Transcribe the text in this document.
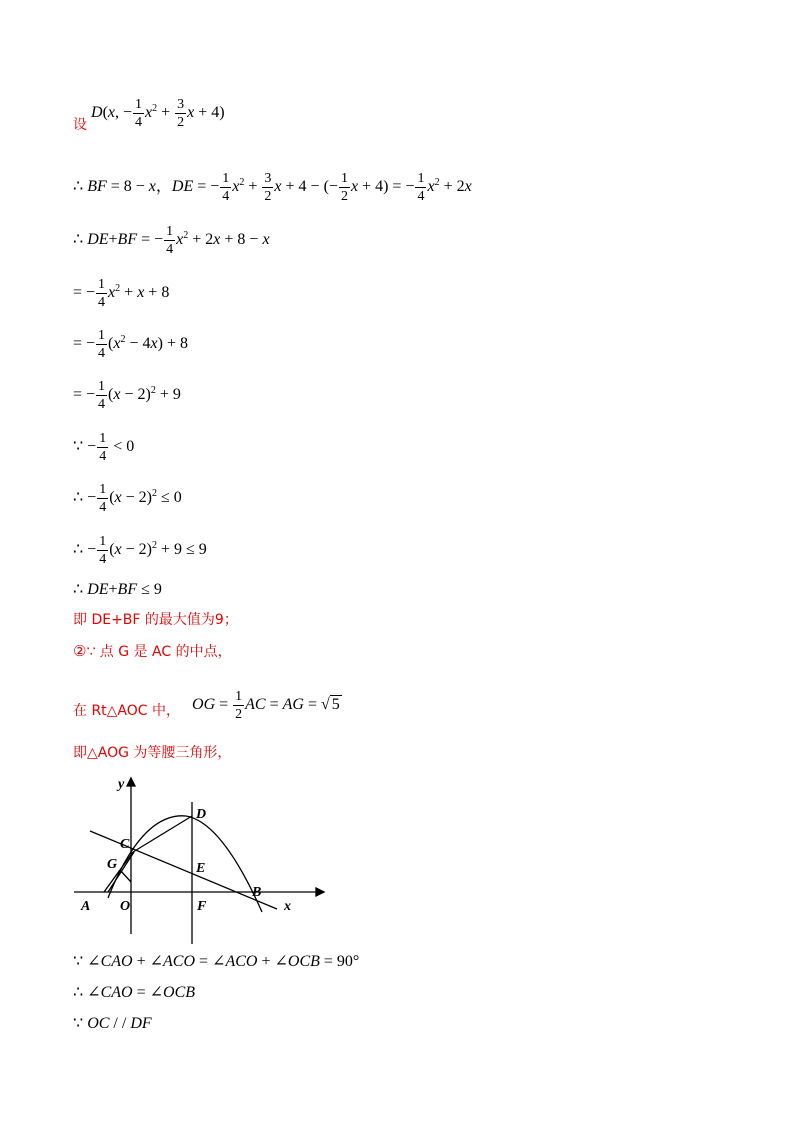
设 D(x, − $\frac{1}{4} x^2 + \frac{3}{2}$ x + 4)
∴ BF = 8 − x，DE = − $\frac{1}{4} x^2 + \frac{3}{2}$ x + 4 − (− $\frac{1}{2}$ x + 4) = − $\frac{1}{4} x^2 + 2x$
∴ DE+BF = − $\frac{1}{4} x^2 + 2x + 8 - x$
= − $\frac{1}{4} x^2 + x + 8$
= − $\frac{1}{4} (x^2 - 4x) + 8$
= − $\frac{1}{4} (x - 2)^2 + 9$
∵ − $\frac{1}{4} < 0$
∴ − $\frac{1}{4} (x - 2)^2 \le 0$
∴ − $\frac{1}{4} (x - 2)^2 + 9 \le 9$
∴ DE+BF ≤ 9
即 DE+BF 的最大值为9；
②∵ 点 G 是 AC 的中点，
在 Rt△AOC 中， OG = $\frac{1}{2}$ AC = AG = √ 5
即△AOG 为等腰三角形，
y
x
A O	F
B
C
G
D
E
∵ ∠CAO + ∠ACO = ∠ACO + ∠OCB = 90°
∴ ∠CAO = ∠OCB
∵ OC / / DF
